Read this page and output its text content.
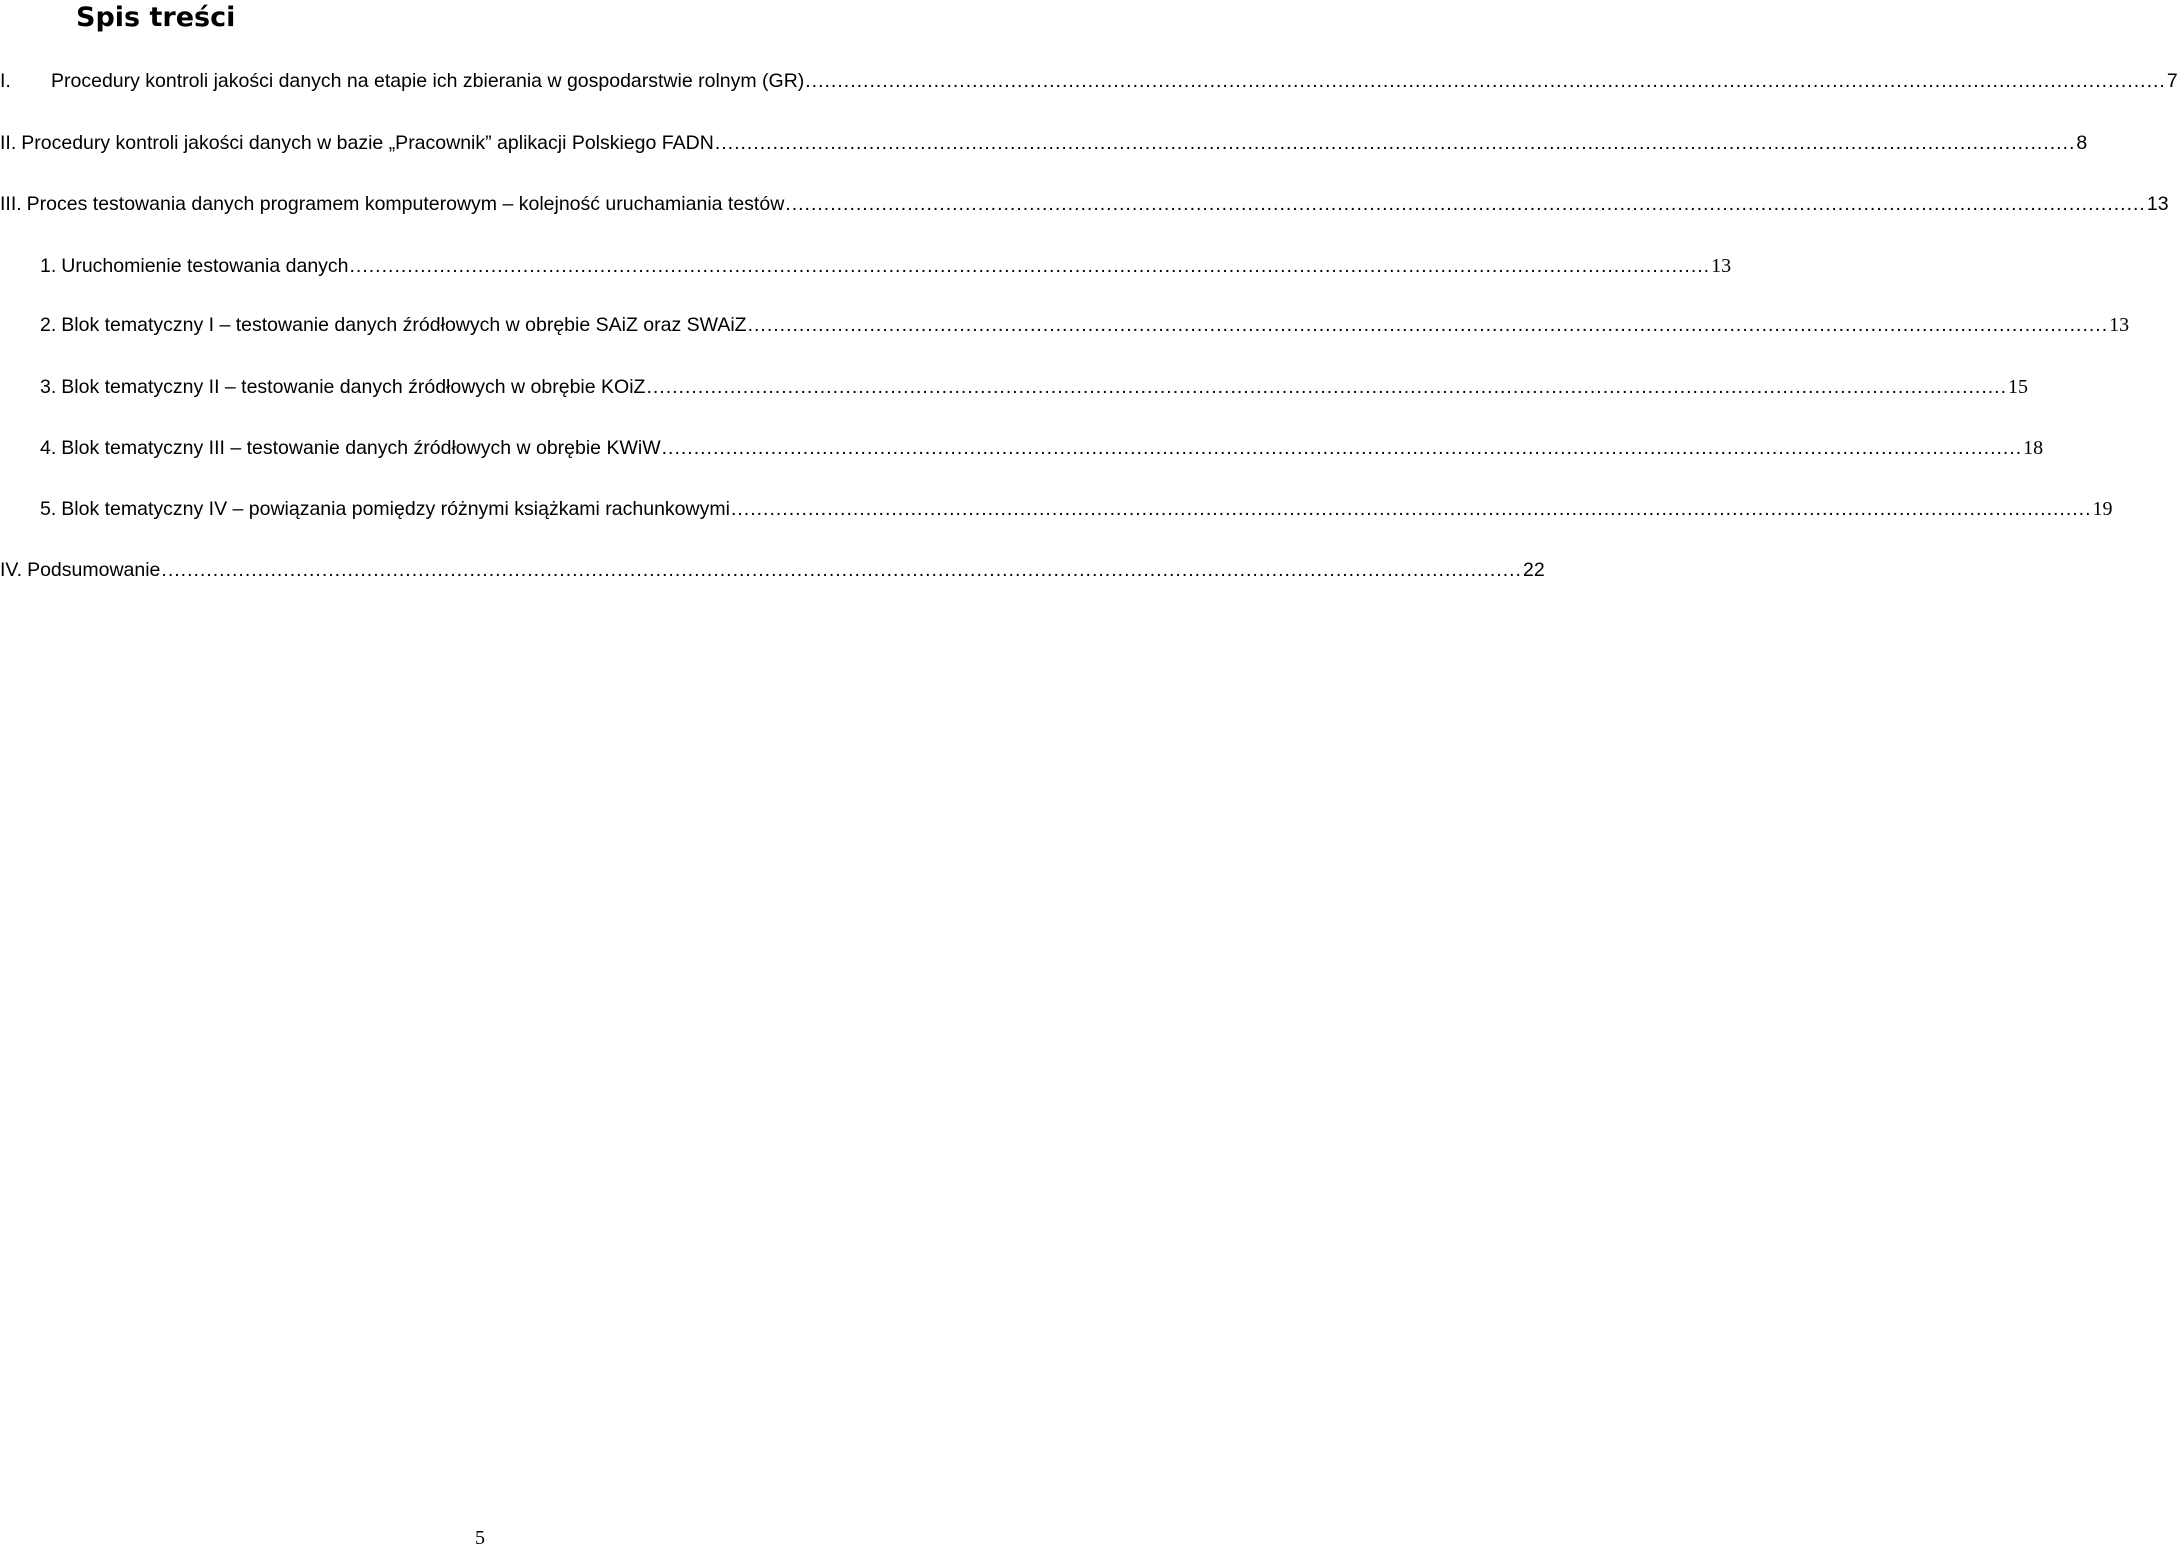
Spis treści
I.	Procedury kontroli jakości danych na etapie ich zbierania w gospodarstwie rolnym (GR) .................................................................................................................................................................................................................... 7
II. Procedury kontroli jakości danych w bazie „Pracownik” aplikacji Polskiego FADN .................................................................................................................................................................................................................... 8
III. Proces testowania danych programem komputerowym – kolejność uruchamiania testów .................................................................................................................................................................................................................... 13
1. Uruchomienie testowania danych .................................................................................................................................................................................................................... 13
2. Blok tematyczny I – testowanie danych źródłowych w obrębie SAiZ oraz SWAiZ .................................................................................................................................................................................................................... 13
3. Blok tematyczny II – testowanie danych źródłowych w obrębie KOiZ .................................................................................................................................................................................................................... 15
4. Blok tematyczny III – testowanie danych źródłowych w obrębie KWiW .................................................................................................................................................................................................................... 18
5. Blok tematyczny IV – powiązania pomiędzy różnymi książkami rachunkowymi .................................................................................................................................................................................................................... 19
IV. Podsumowanie .................................................................................................................................................................................................................... 22
5
